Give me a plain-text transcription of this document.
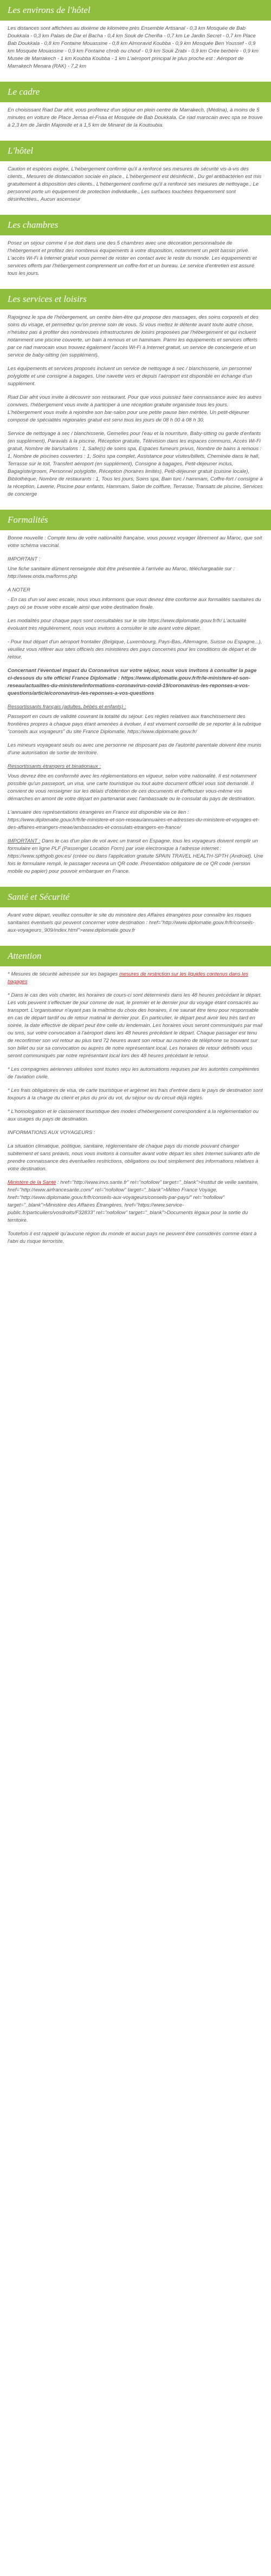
Les environs de l'hôtel

Les distances sont affichées au dixième de kilomètre près Ensemble Artisanal - 0,3 km Mosquée de Bab Doukkala - 0,3 km Palais de Dar el Bacha - 0,4 km Souk de Cherifia - 0,7 km Le Jardin Secret - 0,7 km Place Bab Doukkala - 0,8 km Fontaine Mouassine - 0,8 km Almoravid Koubba - 0,9 km Mosquée Ben Youssef - 0,9 km Mosquée Mouassine - 0,9 km Fontaine chrob ou chouf - 0,9 km Souk Zrabi - 0,9 km Crée berbère - 0,9 km Musée de Marrakech - 1 km Koubba Koubba - 1 km L'aéroport principal le plus proche est : Aéroport de Marrakech Menara (RAK) - 7,2 km

Le cadre

En choisissant Riad Dar afrit, vous profiterez d'un séjour en plein centre de Marrakech, (Médina), à moins de 5 minutes en voiture de Place Jemaa el-Fnaa et Mosquée de Bab Doukkala. Ce riad marocain avec spa se trouve à 2,3 km de Jardin Majorelle et à 1,5 km de Minaret de la Koutoubia.

L'hôtel

Caution et espèces exigée, L'hébergement confirme qu'il a renforcé ses mesures de sécurité vis-à-vis des clients., Mesures de distanciation sociale en place., L'hébergement est désinfecté., Du gel antibactérien est mis gratuitement à disposition des clients., L'hébergement confirme qu'il a renforcé ses mesures de nettoyage., Le personnel porte un équipement de protection individuelle., Les surfaces touchées fréquemment sont désinfectées., Aucun ascenseur

Les chambres

Posez un séjour comme il se doit dans une des 5 chambres avec une décoration personnalisée de l'hébergement et profitez des nombreux équipements à votre disposition, notamment un petit bassin privé. L'accès Wi-Fi à Internet gratuit vous permet de rester en contact avec le reste du monde. Les équipements et services offerts par l'hébergement comprennent un coffre-fort et un bureau. Le service d'entretien est assuré tous les jours.

Les services et loisirs

Rajoignez le spa de l'hébergement, un centre bien-être qui propose des massages, des soins corporels et des soins du visage, et permettez qu'on prenne soin de vous. Si vous mettez le détente avant toute autre chose, n'hésitez pas à profiter des nombreuses infrastructures de loisirs proposées par l'hébergement et qui incluent notamment une piscine couverte, un bain à remous et un hammam. Parmi les équipements et services offerts par ce riad marocain vous trouvez également l'accès Wi-Fi à Internet gratuit, un service de conciergerie et un service de baby-sitting (en supplément).

Les équipements et services proposés incluent un service de nettoyage à sec / blanchisserie, un personnel polyglotte et une consigne à bagages. Une navette vers et depuis l'aéroport est disponible en échange d'un supplément.

Riad Dar afrit vous invite à découvrir son restaurant. Pour que vous puissiez faire connaissance avec les autres convives, l'hébergement vous invite à participer à une réception gratuite organisée tous les jours. L'hébergement vous invite à rejoindre son bar-salon pour une petite pause bien méritée. Un petit-déjeuner composé de spécialités régionales gratuit est servi tous les jours de 08 h 00 à 08 h 30.

Service de nettoyage à sec / blanchisserie, Gemelles pour l'eau et la nourriture, Baby-sitting ou garde d'enfants (en supplément), Paravals à la piscine, Réception gratuite, Télévision dans les espaces communs, Accès Wi-Fi gratuit, Nombre de bars/salons : 1, Salle(s) de soins spa, Espaces fumeurs privus, Nombre de bains à remous : 1, Nombre de piscines couvertes : 1, Soins spa complet, Assistance pour visites/billets, Cheminée dans le hall, Terrasse sur le toit, Transfert aéroport (en supplément), Consigne à bagages, Petit-déjeuner inclus, Bagagiste/groom, Personnel polyglotte, Réception (horaires limités), Petit-déjeuner gratuit (cuisine locale), Bibliothèque, Nombre de restaurants : 1, Tous les jours, Soins spa, Bain turc / hammam, Coffre-fort / consigne à la réception, Laverie, Piscine pour enfants, Hammam, Salon de coiffure, Terrasse, Transats de piscine, Services de concierge

Formalités

Bonne nouvelle : Compte tenu de votre nationalité française, vous pouvez voyager librement au Maroc, que soit votre schéma vaccinal.

IMPORTANT :

Une fiche sanitaire dûment renseignée doit être présentée à l'arrivée au Maroc, téléchargeable sur : http://www.onda.ma/forms.php

A NOTER

- En cas d'un vol avec escale, nous vous informons que vous devrez être conforme aux formalités sanitaires du pays où se trouve votre escale ainsi que votre destination finale.

Les modalités pour chaque pays sont consultables sur le site https://www.diplomatie.gouv.fr/fr/ L'actualité évoluant très régulièrement, nous vous invitons à consulter le site avant votre départ.

- Pour tout départ d'un aéroport frontalier (Belgique, Luxembourg, Pays-Bas, Allemagne, Suisse ou Espagne...), veuillez vous référer aux sites officiels des ministères des pays concernés pour les conditions de départ et de retour.

Concernant l'éventuel impact du Coronavirus sur votre séjour, nous vous invitons à consulter la page ci-dessous du site officiel France Diplomatie : https://www.diplomatie.gouv.fr/fr/le-ministere-et-son-reseau/actualites-du-ministere/informations-coronavirus-covid-19/coronavirus-les-reponses-a-vos-questions/article/coronavirus-les-reponses-a-vos-questions

Ressortissants français (adultes, bébés et enfants) :

Passeport en cours de validité couvrant la totalité du séjour. Les règles relatives aux franchissement des frontières propres à chaque pays étant amenées à évoluer, il est vivement conseillé de se reporter à la rubrique "conseils aux voyageurs" du site France Diplomatie, https://www.diplomatie.gouv.fr/

Les mineurs voyageant seuls ou avec une personne ne disposant pas de l'autorité parentale doivent être munis d'une autorisation de sortie de territoire.

Ressortissants étrangers et binationaux :

Vous devrez être en conformité avec les réglementations en vigueur, selon votre nationalité. Il est notamment possible qu'un passeport, un visa, une carte touristique ou tout autre document officiel vous soit demandé. Il convient de vous renseigner sur les délais d'obtention de ces documents et d'effectuer vous-même vos démarches en amont de votre départ en partenariat avec l'ambassade ou le consulat du pays de destination.

L'annuaire des représentations étrangères en France est disponible via ce lien : https://www.diplomatie.gouv.fr/fr/le-ministere-et-son-reseau/annuaires-et-adresses-du-ministere-et-voyages-et-des-affaires-etrangers-meae/ambassades-et-consulats-etrangers-en-france/

IMPORTANT : Dans le cas d'un plan de vol avec un transit en Espagne, tous les voyageurs doivent remplir un formulaire en ligne PLF (Passenger Location Form) par voie électronique à l'adresse internet : https://www.spthgob.gov.es/ (créée ou dans l'application gratuite SPAIN TRAVEL HEALTH-SPTH (Android). Une fois le formulaire rempli, le passager recevra un QR code. Présentation obligatoire de ce QR code (version mobile ou papier) pour pouvoir embarquer en France.

Santé et Sécurité

Avant votre départ, veuillez consulter le site du ministère des Affaires étrangères pour connaître les risques sanitaires éventuels qui peuvent concerner votre destination : href="http://www.diplomatie.gouv.fr/fr/conseils-aux-voyageurs_909/index.html">www.diplomatie.gouv.fr

Attention

* Mesures de sécurité adressée sur les bagages mesures de restriction sur les liquides contenus dans les bagages

* Dans le cas des vols charter, les horaires de cours-ci sont déterminés dans les 48 heures précédant le départ. Les vols peuvent s'effectuer de jour comme de nuit, le premier et le dernier jour du voyage étant consacrés au transport. L'organisateur n'ayant pas la maîtrise du choix des horaires, il ne saurait être tenu pour responsable en cas de départ tardif ou de retour matinal le dernier jour. En particulier, le départ peut avoir lieu très tard en soirée, la date effective de départ peut être celle du lendemain. Les horaires vous seront communiqués par mail ou sms, sur votre convocation à l'aéroport dans les 48 heures précédant le départ. Chaque passager est tenu de reconfirmer son vol retour au plus tard 72 heures avant son retour au numéro de téléphone se trouvant sur son billet ou sur sa convocation ou auprès de notre représentant local. Les horaires de retour définitifs vous seront communiqués par notre représentant local lors des 48 heures précédant le retour.

* Les compagnies aériennes utilisées sont toutes reçu les autorisations requises par les autorités compétentes de l'aviation civile.

* Les frais obligatoires de visa, de carte touristique et argèmet les frais d'entrée dans le pays de destination sont toujours à la charge du client et plus du prix du vol, du séjour ou du circuit déjà réglés.

* L'homologation et le classement touristique des modes d'hébergement correspondent à la réglementation ou aux usages du pays de destination.

INFORMATIONS AUX VOYAGEURS :

La situation climatique, politique, sanitaire, réglementaire de chaque pays du monde pouvant changer subitement et sans préavis, nous vous invitons à consulter avant votre départ les sites Internet suivants afin de prendre connaissance des éventuelles restrictions, obligations ou tout simplement des informations relatives à votre destination.

Ministère de la Santé : href="http://www.invs.sante.fr" rel="nofollow" target="_blank">Institut de veille sanitaire, href="http://www.airfrancesante.com/" rel="nofollow" target="_blank">Méteo France Voyage, href="http://www.diplomatie.gouv.fr/fr/conseils-aux-voyageurs/conseils-par-pays/" rel="nofollow" target="_blank">Ministère des Affaires Étrangères, href="https://www.service-public.fr/particuliers/vosdroits/F32833" rel="nofollow" target="_blank">Documents légaux pour la sortie du territoire.

Toutefois il est rappelé qu'aucune région du monde et aucun pays ne peuvent être considérés comme étant à l'abri du risque terroriste.
